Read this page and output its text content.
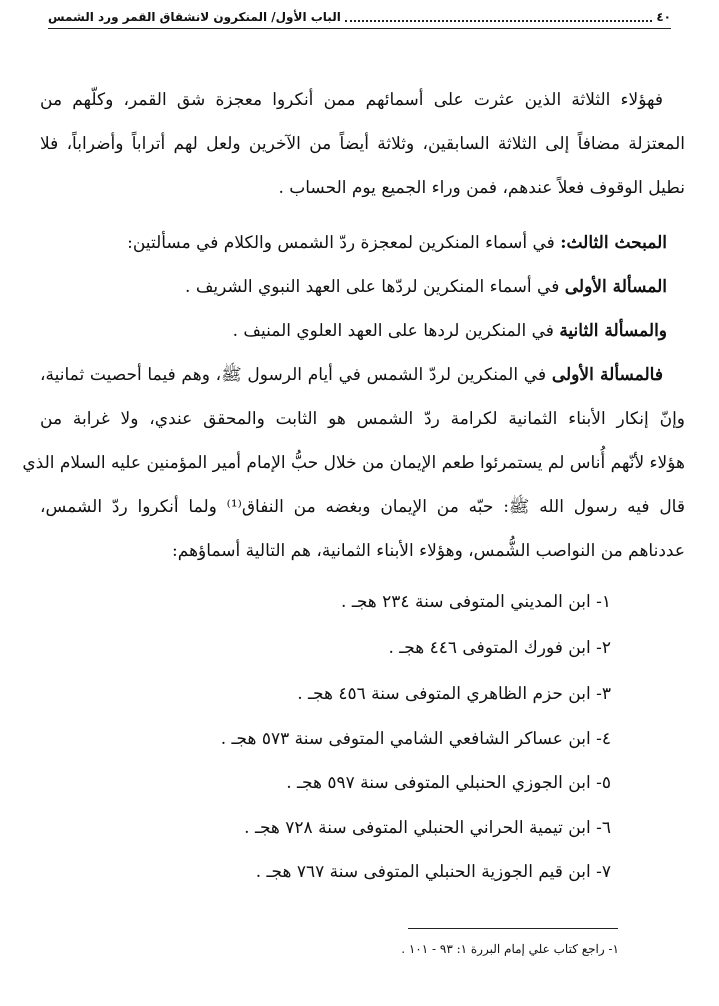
٤٠
الباب الأول/ المنكرون لانشقاق القمر ورد الشمس
فهؤلاء الثلاثة الذين عثرت على أسمائهم ممن أنكروا معجزة شق القمر، وكلّهم من
المعتزلة مضافاً إلى الثلاثة السابقين، وثلاثة أيضاً من الآخرين ولعل لهم أتراباً وأضراباً، فلا
نطيل الوقوف فعلاً عندهم، فمن وراء الجميع يوم الحساب .
المبحث الثالث: في أسماء المنكرين لمعجزة ردّ الشمس والكلام في مسألتين:
المسألة الأولى في أسماء المنكرين لردّها على العهد النبوي الشريف .
والمسألة الثانية في المنكرين لردها على العهد العلوي المنيف .
فالمسألة الأولى في المنكرين لردّ الشمس في أيام الرسول ﷺ، وهم فيما أحصيت ثمانية،
وإنّ إنكار الأبناء الثمانية لكرامة ردّ الشمس هو الثابت والمحقق عندي، ولا غرابة من
هؤلاء لأنّهم أُناس لم يستمرئوا طعم الإيمان من خلال حبُّ الإمام أمير المؤمنين عليه السلام الذي
قال فيه رسول الله ﷺ: حبّه من الإيمان وبغضه من النفاق⁽¹⁾ ولما أنكروا ردّ الشمس،
عددناهم من النواصب الشُّمس، وهؤلاء الأبناء الثمانية، هم التالية أسماؤهم:
١- ابن المديني المتوفى سنة ٢٣٤ هجـ .
٢- ابن فورك المتوفى ٤٤٦ هجـ .
٣- ابن حزم الظاهري المتوفى سنة ٤٥٦ هجـ .
٤- ابن عساكر الشافعي الشامي المتوفى سنة ٥٧٣ هجـ .
٥- ابن الجوزي الحنبلي المتوفى سنة ٥٩٧ هجـ .
٦- ابن تيمية الحراني الحنبلي المتوفى سنة ٧٢٨ هجـ .
٧- ابن قيم الجوزية الحنبلي المتوفى سنة ٧٦٧ هجـ .
١- راجع كتاب علي إمام البررة ١: ٩٣ - ١٠١ .
